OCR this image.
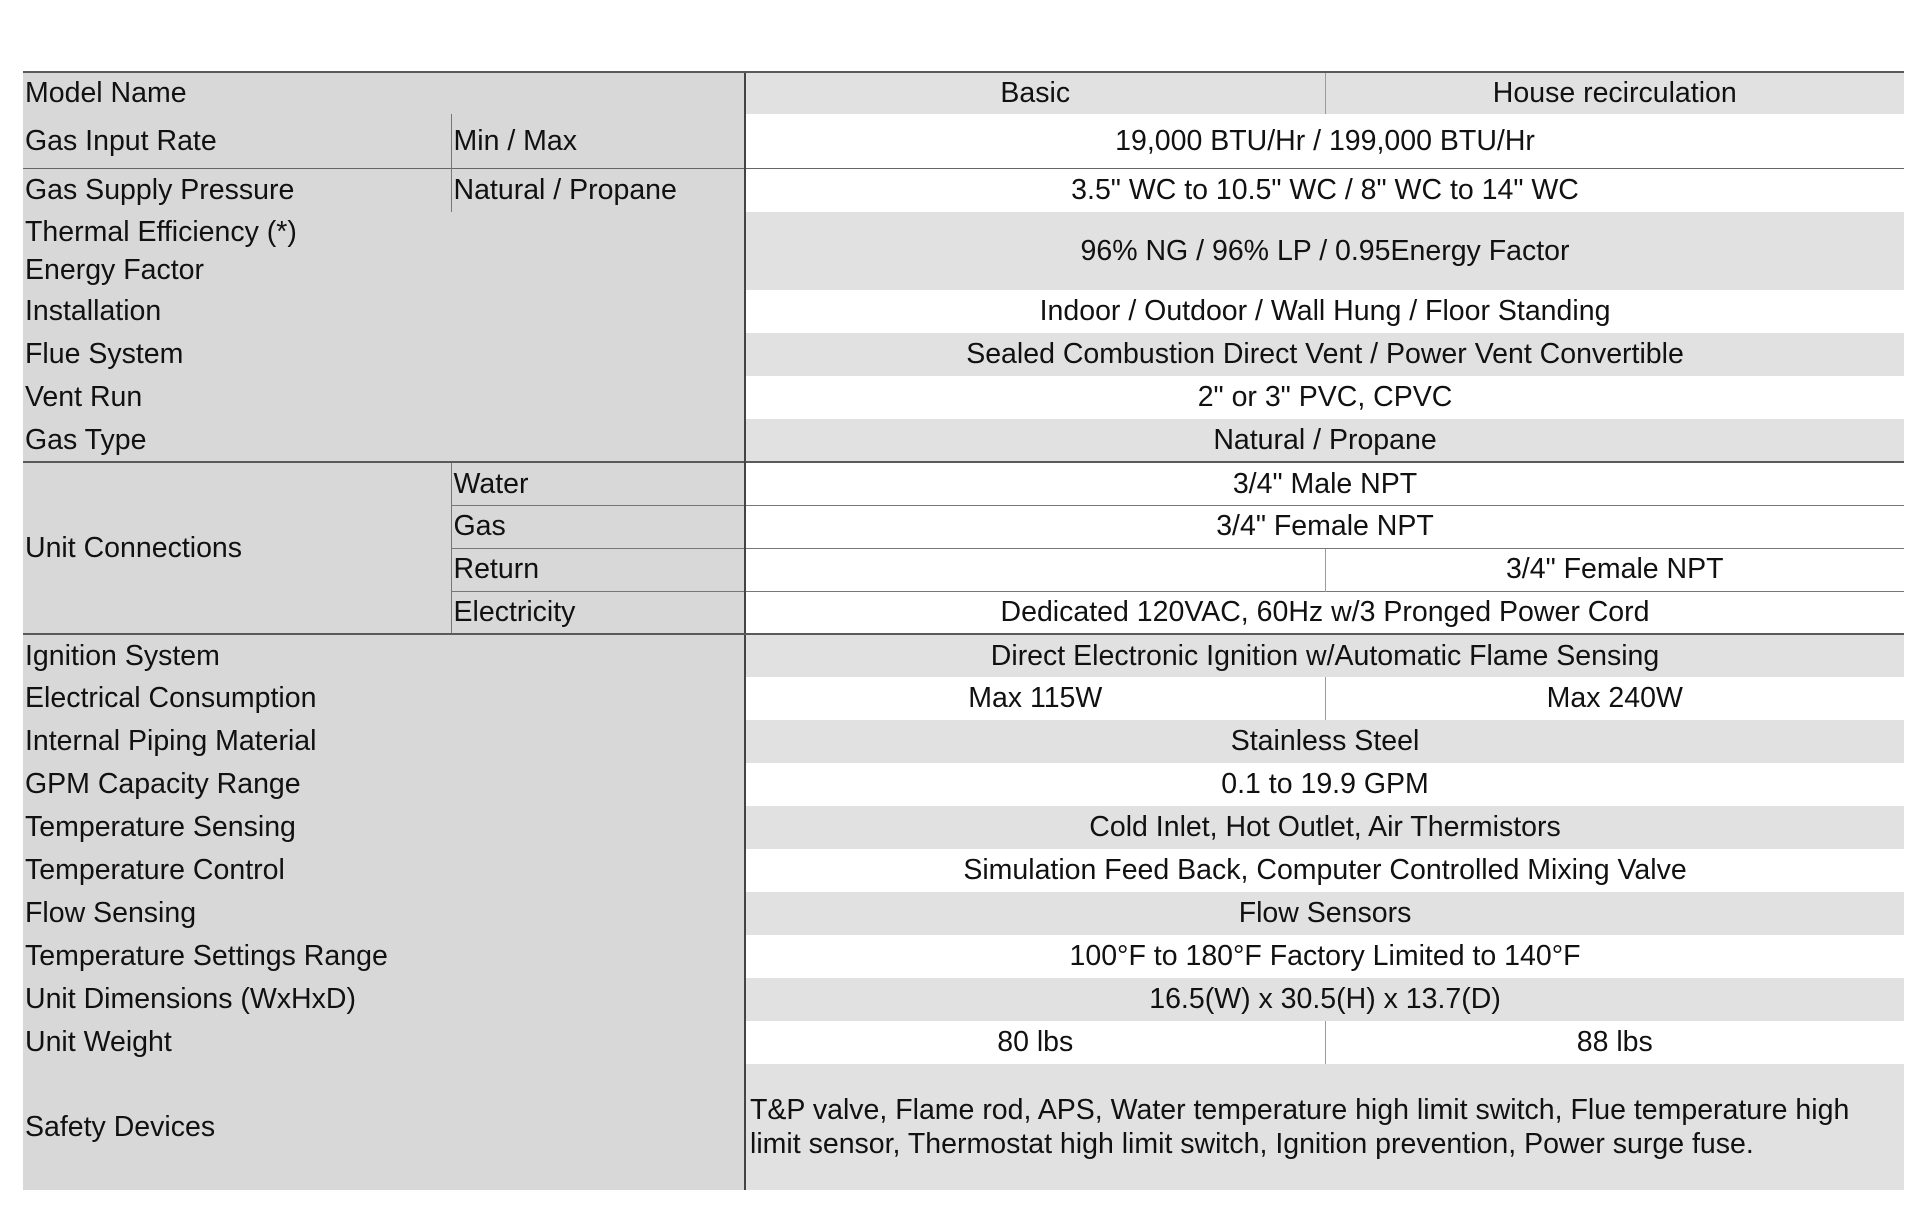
Model Name		Basic	House recirculation
Gas Input Rate	Min / Max	19,000 BTU/Hr / 199,000 BTU/Hr	
Gas Supply Pressure	Natural / Propane	3.5" WC to 10.5" WC / 8" WC to 14" WC	

Thermal Efficiency (*)
Energy Factor		96% NG / 96% LP / 0.95Energy Factor	
Installation		Indoor / Outdoor / Wall Hung / Floor Standing	
Flue System		Sealed Combustion Direct Vent / Power Vent Convertible	
Vent Run		2" or 3" PVC, CPVC	
Gas Type		Natural / Propane	
Unit Connections	Water	3/4" Male NPT	
	Gas	3/4" Female NPT	
	Return		3/4" Female NPT
	Electricity	Dedicated 120VAC, 60Hz w/3 Pronged Power Cord	
Ignition System		Direct Electronic Ignition w/Automatic Flame Sensing	
Electrical Consumption		Max 115W	Max 240W
Internal Piping Material		Stainless Steel	
GPM Capacity Range		0.1 to 19.9 GPM	
Temperature Sensing		Cold Inlet, Hot Outlet, Air Thermistors	
Temperature Control		Simulation Feed Back, Computer Controlled Mixing Valve	
Flow Sensing		Flow Sensors	
Temperature Settings Range		100°F to 180°F Factory Limited to 140°F	
Unit Dimensions (WxHxD)		16.5(W) x 30.5(H) x 13.7(D)	
Unit Weight		80 lbs	88 lbs
Safety Devices		T&P valve, Flame rod, APS, Water temperature high limit switch, Flue temperature high limit sensor, Thermostat high limit switch, Ignition prevention, Power surge fuse.	
